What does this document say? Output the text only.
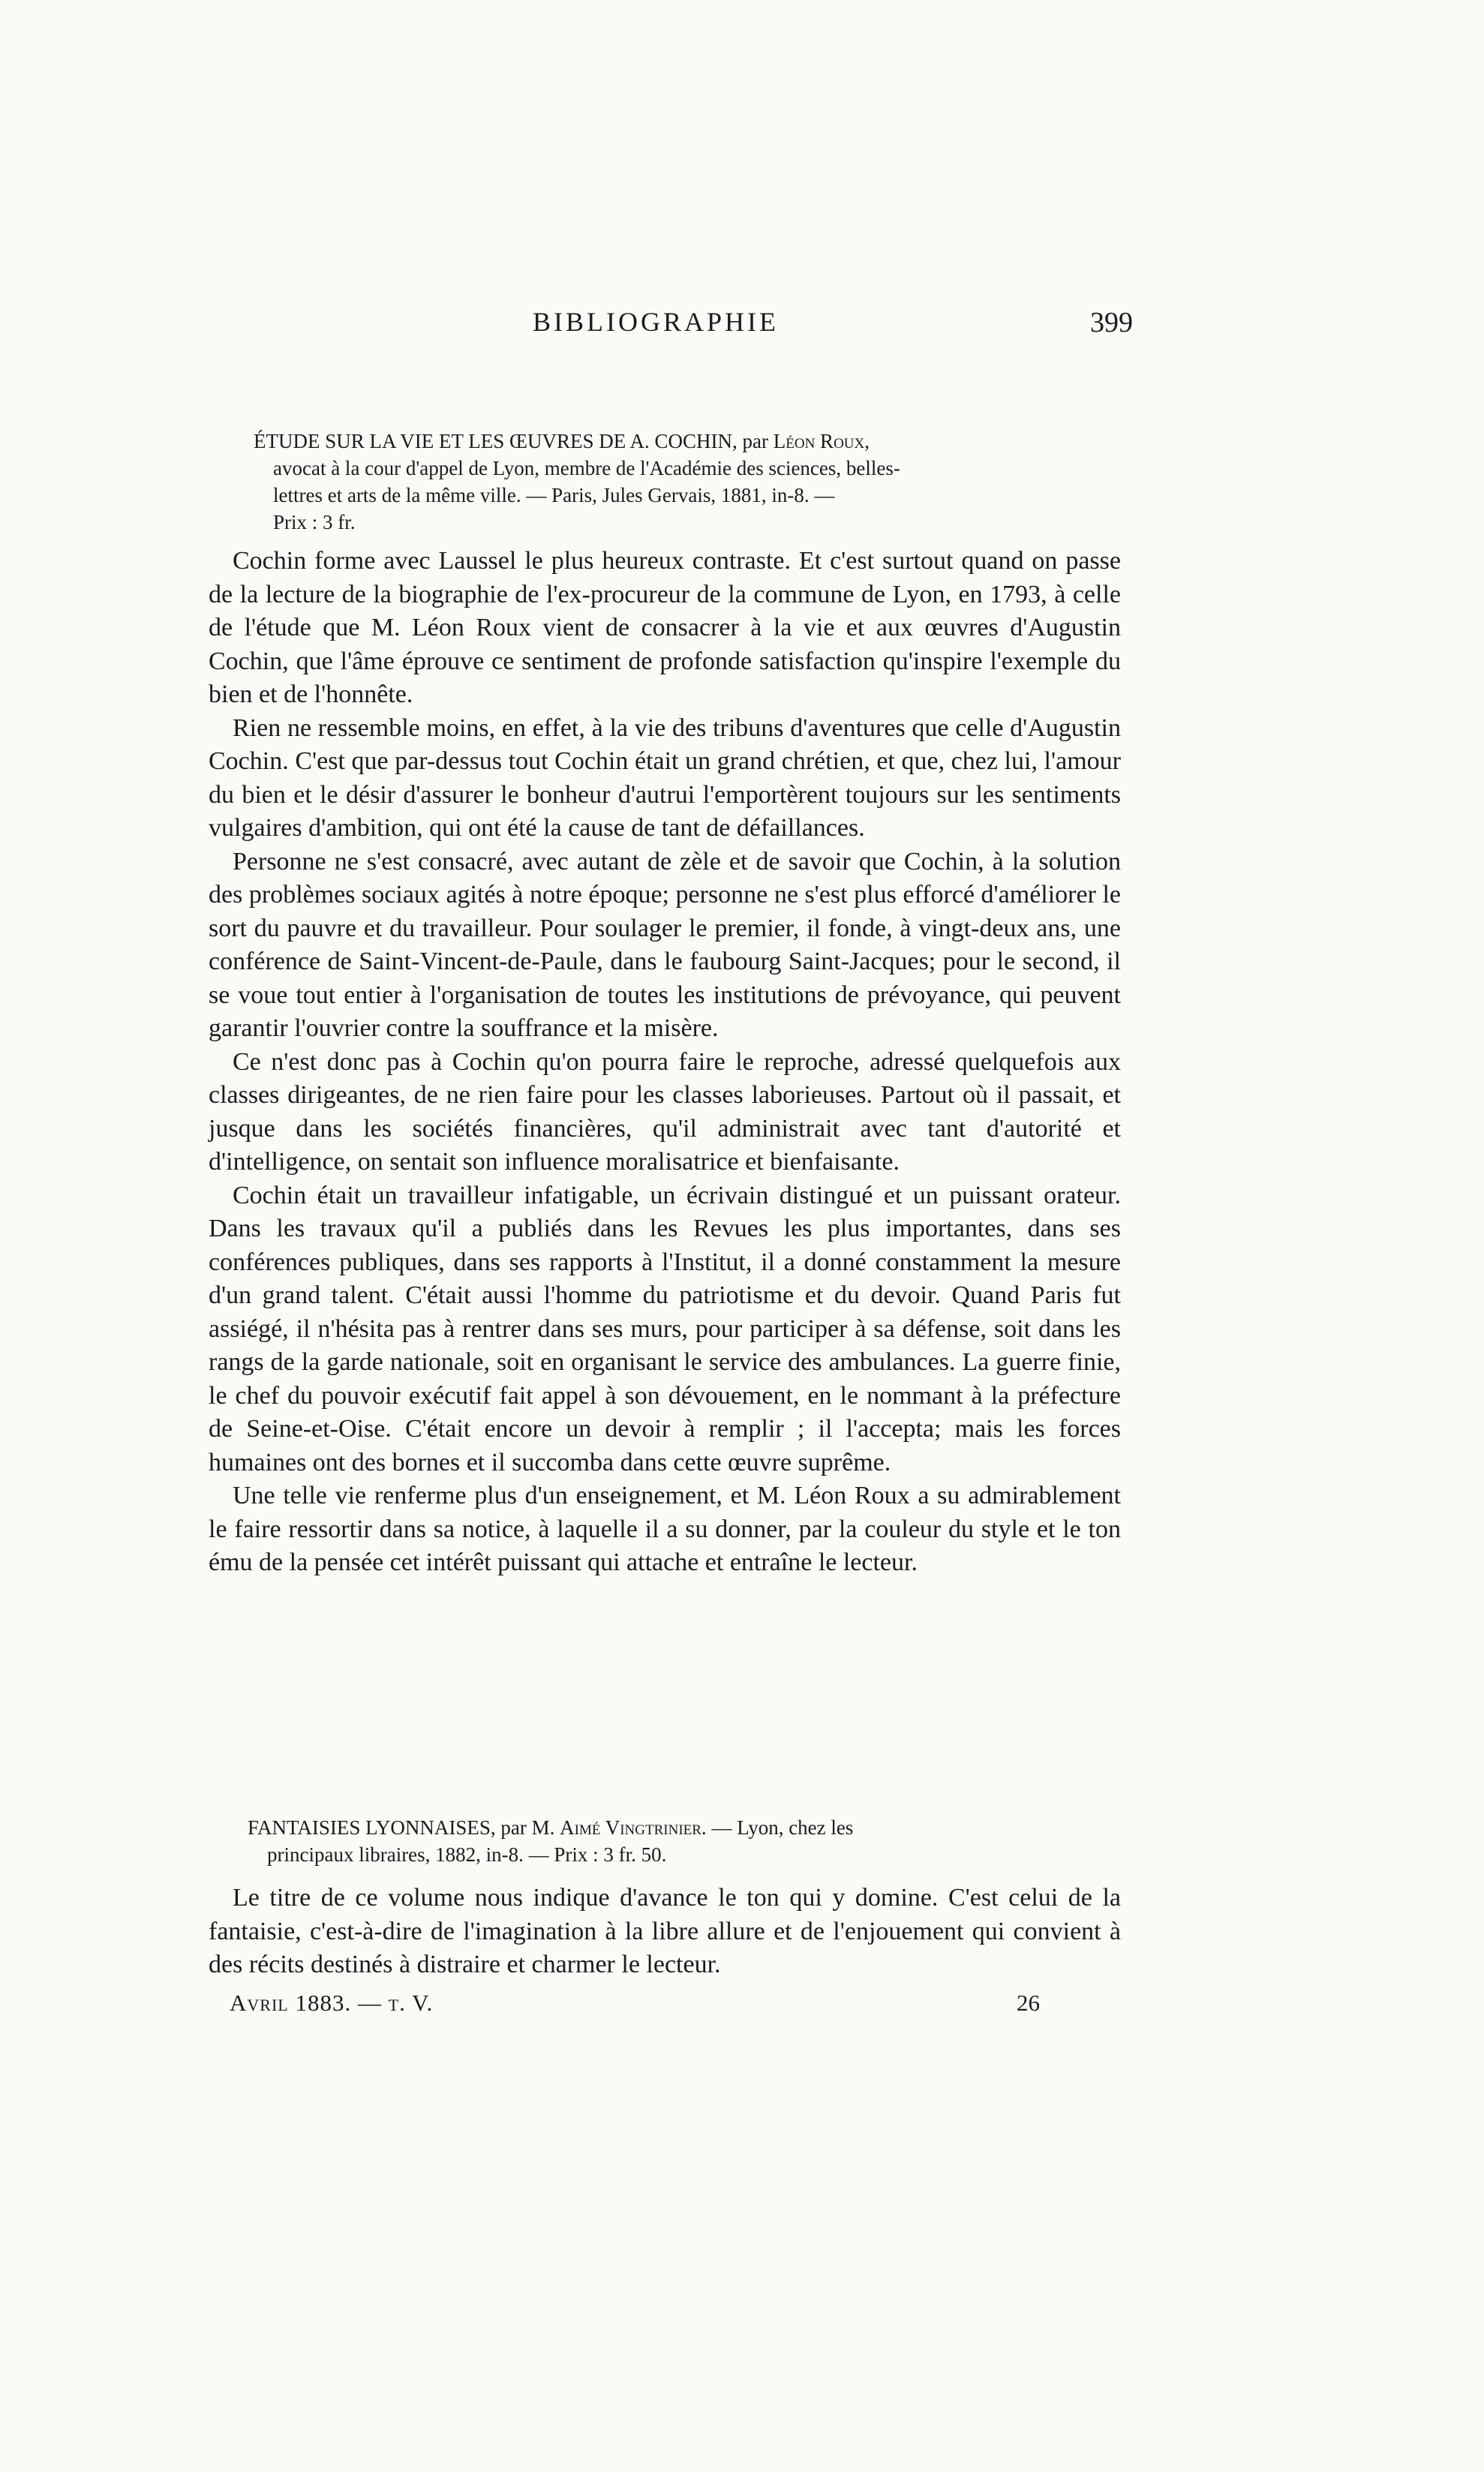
BIBLIOGRAPHIE	399
ÉTUDE SUR LA VIE ET LES ŒUVRES DE A. COCHIN, par Léon Roux,
avocat à la cour d'appel de Lyon, membre de l'Académie des sciences, belles-
lettres et arts de la même ville. — Paris, Jules Gervais, 1881, in-8. —
Prix : 3 fr.

Cochin forme avec Laussel le plus heureux contraste. Et c'est surtout quand on passe de la lecture de la biographie de l'ex-procureur de la commune de Lyon, en 1793, à celle de l'étude que M. Léon Roux vient de consacrer à la vie et aux œuvres d'Augustin Cochin, que l'âme éprouve ce sentiment de profonde satisfaction qu'inspire l'exemple du bien et de l'honnête.

Rien ne ressemble moins, en effet, à la vie des tribuns d'aventures que celle d'Augustin Cochin. C'est que par-dessus tout Cochin était un grand chrétien, et que, chez lui, l'amour du bien et le désir d'assurer le bonheur d'autrui l'emportèrent toujours sur les sentiments vulgaires d'ambition, qui ont été la cause de tant de défaillances.

Personne ne s'est consacré, avec autant de zèle et de savoir que Cochin, à la solution des problèmes sociaux agités à notre époque; personne ne s'est plus efforcé d'améliorer le sort du pauvre et du travailleur. Pour soulager le premier, il fonde, à vingt-deux ans, une conférence de Saint-Vincent-de-Paule, dans le faubourg Saint-Jacques; pour le second, il se voue tout entier à l'organisation de toutes les institutions de prévoyance, qui peuvent garantir l'ouvrier contre la souffrance et la misère.

Ce n'est donc pas à Cochin qu'on pourra faire le reproche, adressé quelquefois aux classes dirigeantes, de ne rien faire pour les classes laborieuses. Partout où il passait, et jusque dans les sociétés financières, qu'il administrait avec tant d'autorité et d'intelligence, on sentait son influence moralisatrice et bienfaisante.

Cochin était un travailleur infatigable, un écrivain distingué et un puissant orateur. Dans les travaux qu'il a publiés dans les Revues les plus importantes, dans ses conférences publiques, dans ses rapports à l'Institut, il a donné constamment la mesure d'un grand talent. C'était aussi l'homme du patriotisme et du devoir. Quand Paris fut assiégé, il n'hésita pas à rentrer dans ses murs, pour participer à sa défense, soit dans les rangs de la garde nationale, soit en organisant le service des ambulances. La guerre finie, le chef du pouvoir exécutif fait appel à son dévouement, en le nommant à la préfecture de Seine-et-Oise. C'était encore un devoir à remplir ; il l'accepta; mais les forces humaines ont des bornes et il succomba dans cette œuvre suprême.

Une telle vie renferme plus d'un enseignement, et M. Léon Roux a su admirablement le faire ressortir dans sa notice, à laquelle il a su donner, par la couleur du style et le ton ému de la pensée cet intérêt puissant qui attache et entraîne le lecteur.

FANTAISIES LYONNAISES, par M. Aimé Vingtrinier. — Lyon, chez les
principaux libraires, 1882, in-8. — Prix : 3 fr. 50.

Le titre de ce volume nous indique d'avance le ton qui y domine. C'est celui de la fantaisie, c'est-à-dire de l'imagination à la libre allure et de l'enjouement qui convient à des récits destinés à distraire et charmer le lecteur.

Avril 1883. — t. V.	26
